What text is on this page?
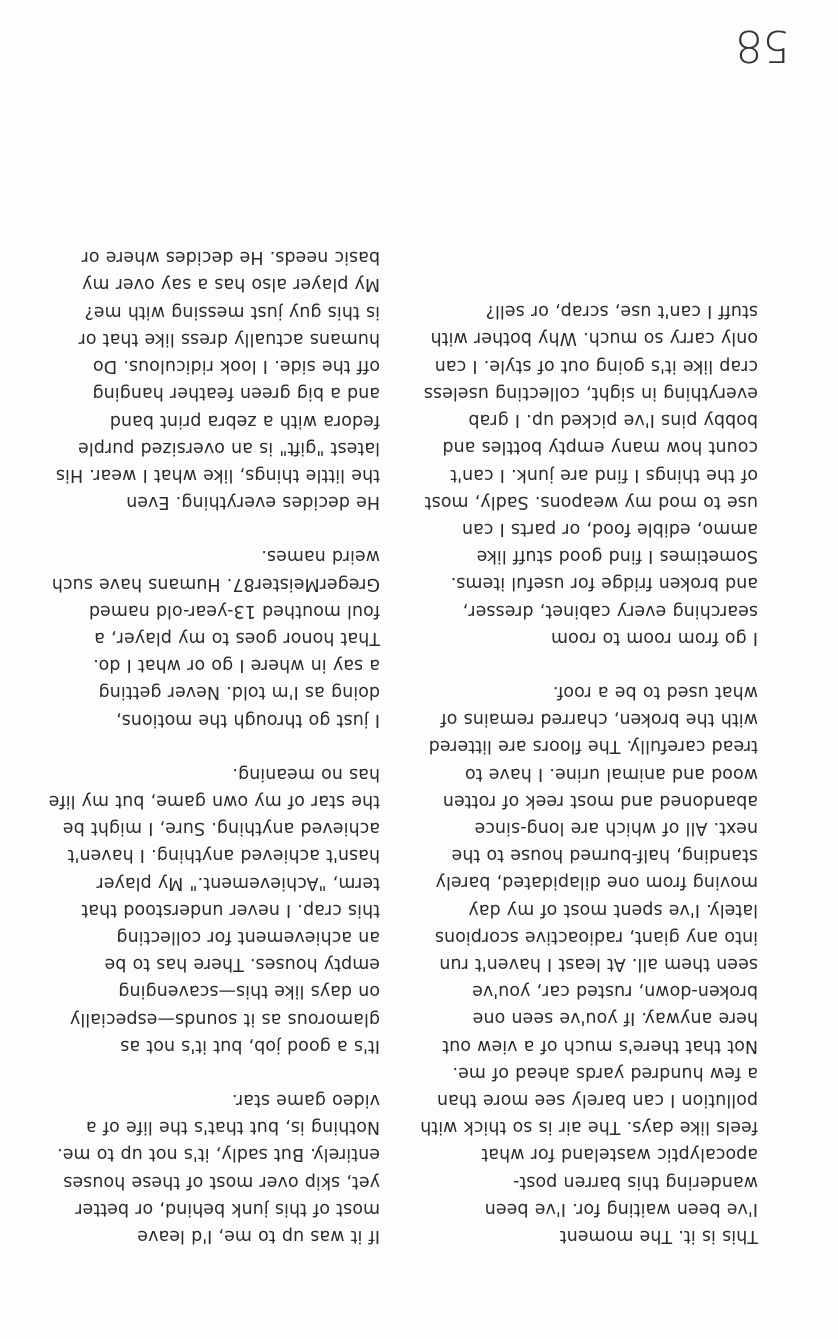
This is it. The moment
I've been waiting for. I've been
wandering this barren post-
apocalyptic wasteland for what
feels like days. The air is so thick with
pollution I can barely see more than
a few hundred yards ahead of me.
Not that there's much of a view out
here anyway. If you've seen one
broken-down, rusted car, you've
seen them all. At least I haven't run
into any giant, radioactive scorpions
lately. I've spent most of my day
moving from one dilapidated, barely
standing, half-burned house to the
next. All of which are long-since
abandoned and most reek of rotten
wood and animal urine. I have to
tread carefully. The floors are littered
with the broken, charred remains of
what used to be a roof.

I go from room to room
searching every cabinet, dresser,
and broken fridge for useful items.
Sometimes I find good stuff like
ammo, edible food, or parts I can
use to mod my weapons. Sadly, most
of the things I find are junk. I can't
count how many empty bottles and
bobby pins I've picked up. I grab
everything in sight, collecting useless
crap like it's going out of style. I can
only carry so much. Why bother with
stuff I can't use, scrap, or sell?

If it was up to me, I'd leave
most of this junk behind, or better
yet, skip over most of these houses
entirely. But sadly, it's not up to me.
Nothing is, but that's the life of a
video game star.

It's a good job, but it's not as
glamorous as it sounds—especially
on days like this—scavenging
empty houses. There has to be
an achievement for collecting
this crap. I never understood that
term, "Achievement." My player
hasn't achieved anything. I haven't
achieved anything. Sure, I might be
the star of my own game, but my life
has no meaning.

I just go through the motions,
doing as I'm told. Never getting
a say in where I go or what I do.
That honor goes to my player, a
foul mouthed 13-year-old named
GregerMeister87. Humans have such
weird names.

He decides everything. Even
the little things, like what I wear. His
latest "gift" is an oversized purple
fedora with a zebra print band
and a big green feather hanging
off the side. I look ridiculous. Do
humans actually dress like that or
is this guy just messing with me?
My player also has a say over my
basic needs. He decides where or

58
